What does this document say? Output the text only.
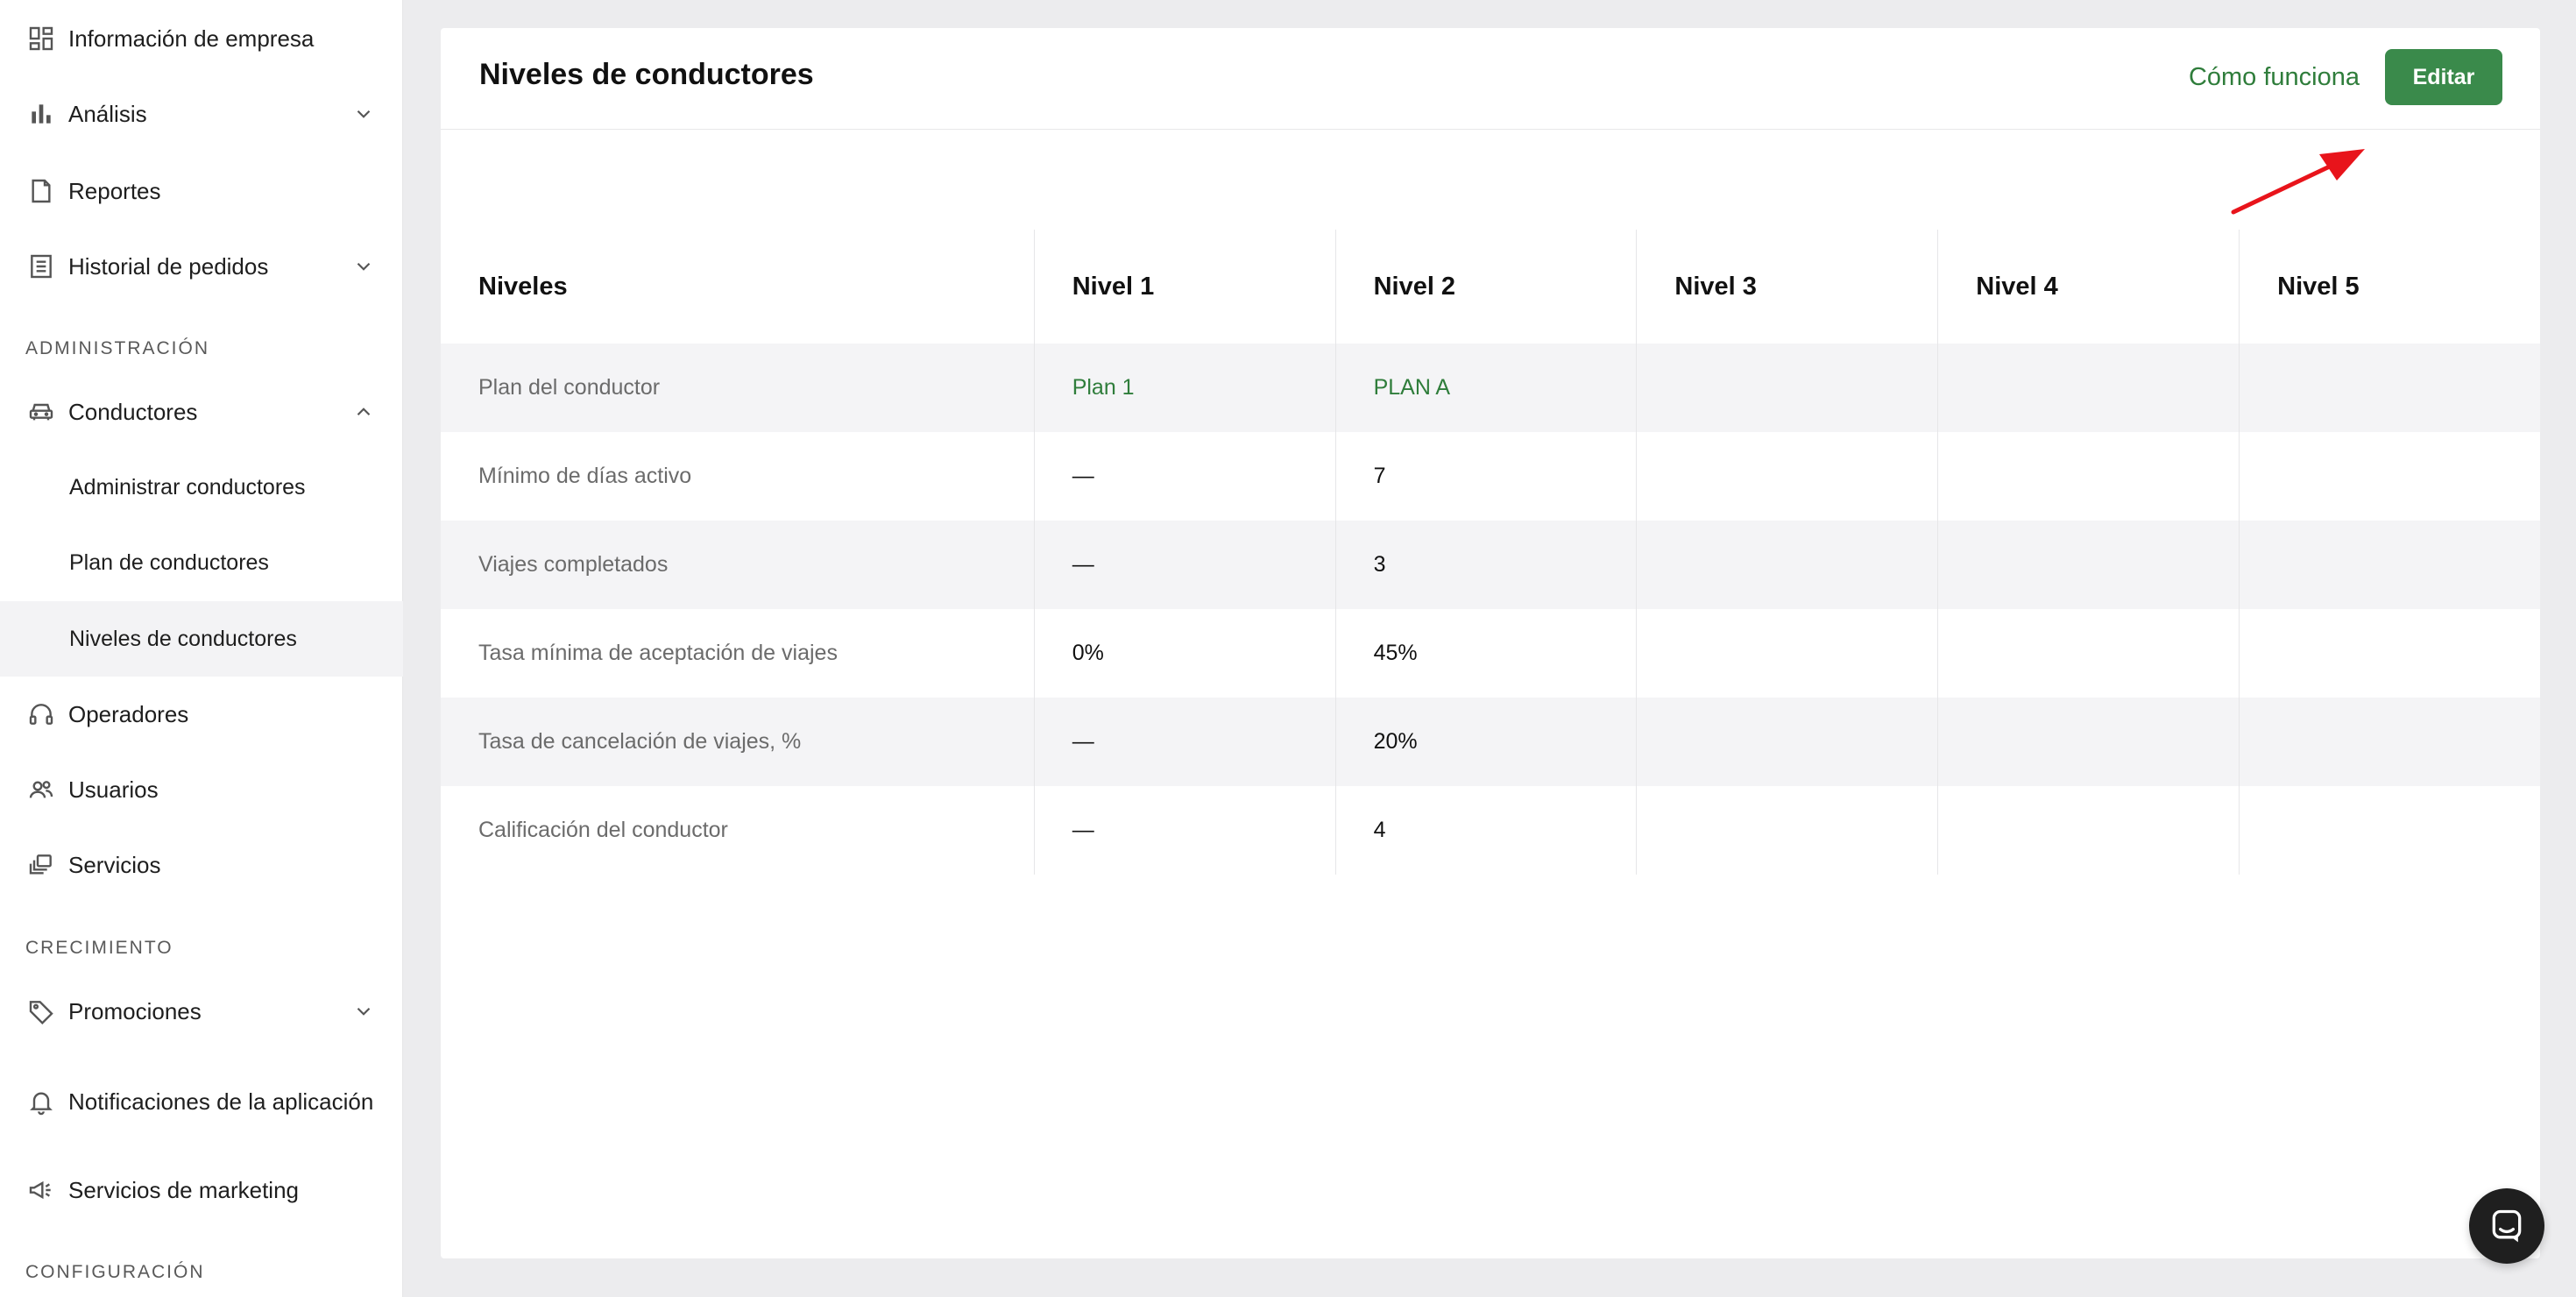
Información de empresa
Análisis
Reportes
Historial de pedidos
ADMINISTRACIÓN
Conductores
Administrar conductores
Plan de conductores
Niveles de conductores
Operadores
Usuarios
Servicios
CRECIMIENTO
Promociones
Notificaciones de la aplicación
Servicios de marketing
CONFIGURACIÓN
Niveles de conductores	Cómo funciona	Editar
Niveles	Nivel 1	Nivel 2	Nivel 3	Nivel 4	Nivel 5
Plan del conductor	Plan 1	PLAN A
Mínimo de días activo	—	7
Viajes completados	—	3
Tasa mínima de aceptación de viajes	0%	45%
Tasa de cancelación de viajes, %	—	20%
Calificación del conductor	—	4
